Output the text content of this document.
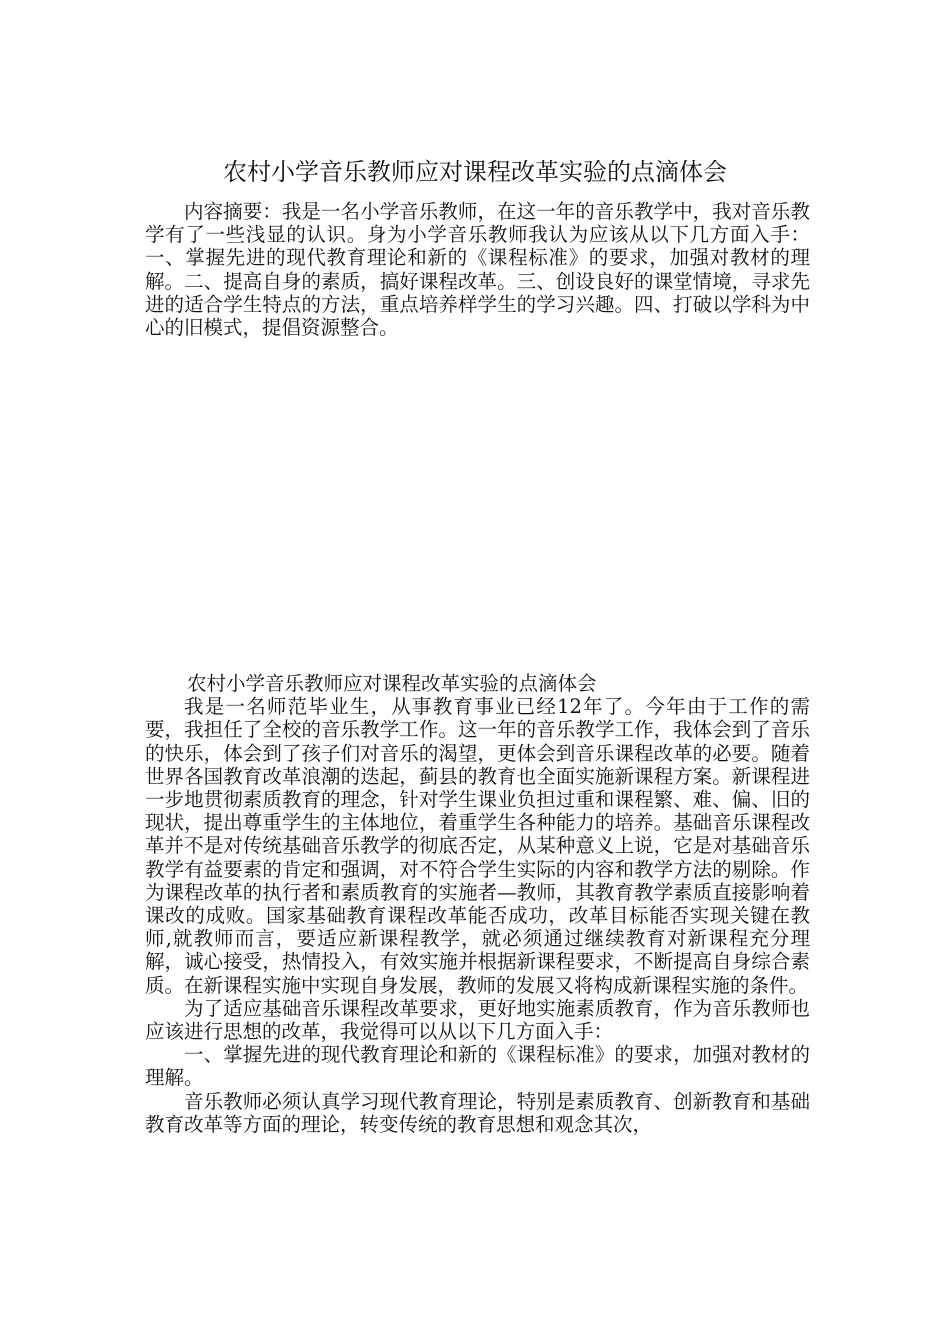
农村小学音乐教师应对课程改革实验的点滴体会

内容摘要：我是一名小学音乐教师，在这一年的音乐教学中，我对音乐教学有了一些浅显的认识。身为小学音乐教师我认为应该从以下几方面入手：一、掌握先进的现代教育理论和新的《课程标准》的要求，加强对教材的理解。二、提高自身的素质，搞好课程改革。三、创设良好的课堂情境，寻求先进的适合学生特点的方法，重点培养样学生的学习兴趣。四、打破以学科为中心的旧模式，提倡资源整合。

农村小学音乐教师应对课程改革实验的点滴体会

我是一名师范毕业生，从事教育事业已经12年了。今年由于工作的需要，我担任了全校的音乐教学工作。这一年的音乐教学工作，我体会到了音乐的快乐，体会到了孩子们对音乐的渴望，更体会到音乐课程改革的必要。随着世界各国教育改革浪潮的迭起，蓟县的教育也全面实施新课程方案。新课程进一步地贯彻素质教育的理念，针对学生课业负担过重和课程繁、难、偏、旧的现状，提出尊重学生的主体地位，着重学生各种能力的培养。基础音乐课程改革并不是对传统基础音乐教学的彻底否定，从某种意义上说，它是对基础音乐教学有益要素的肯定和强调，对不符合学生实际的内容和教学方法的剔除。作为课程改革的执行者和素质教育的实施者—教师，其教育教学素质直接影响着课改的成败。国家基础教育课程改革能否成功，改革目标能否实现关键在教师,就教师而言，要适应新课程教学，就必须通过继续教育对新课程充分理解，诚心接受，热情投入，有效实施并根据新课程要求，不断提高自身综合素质。在新课程实施中实现自身发展，教师的发展又将构成新课程实施的条件。

为了适应基础音乐课程改革要求，更好地实施素质教育，作为音乐教师也应该进行思想的改革，我觉得可以从以下几方面入手：

一、掌握先进的现代教育理论和新的《课程标准》的要求，加强对教材的理解。

音乐教师必须认真学习现代教育理论，特别是素质教育、创新教育和基础教育改革等方面的理论，转变传统的教育思想和观念其次，
